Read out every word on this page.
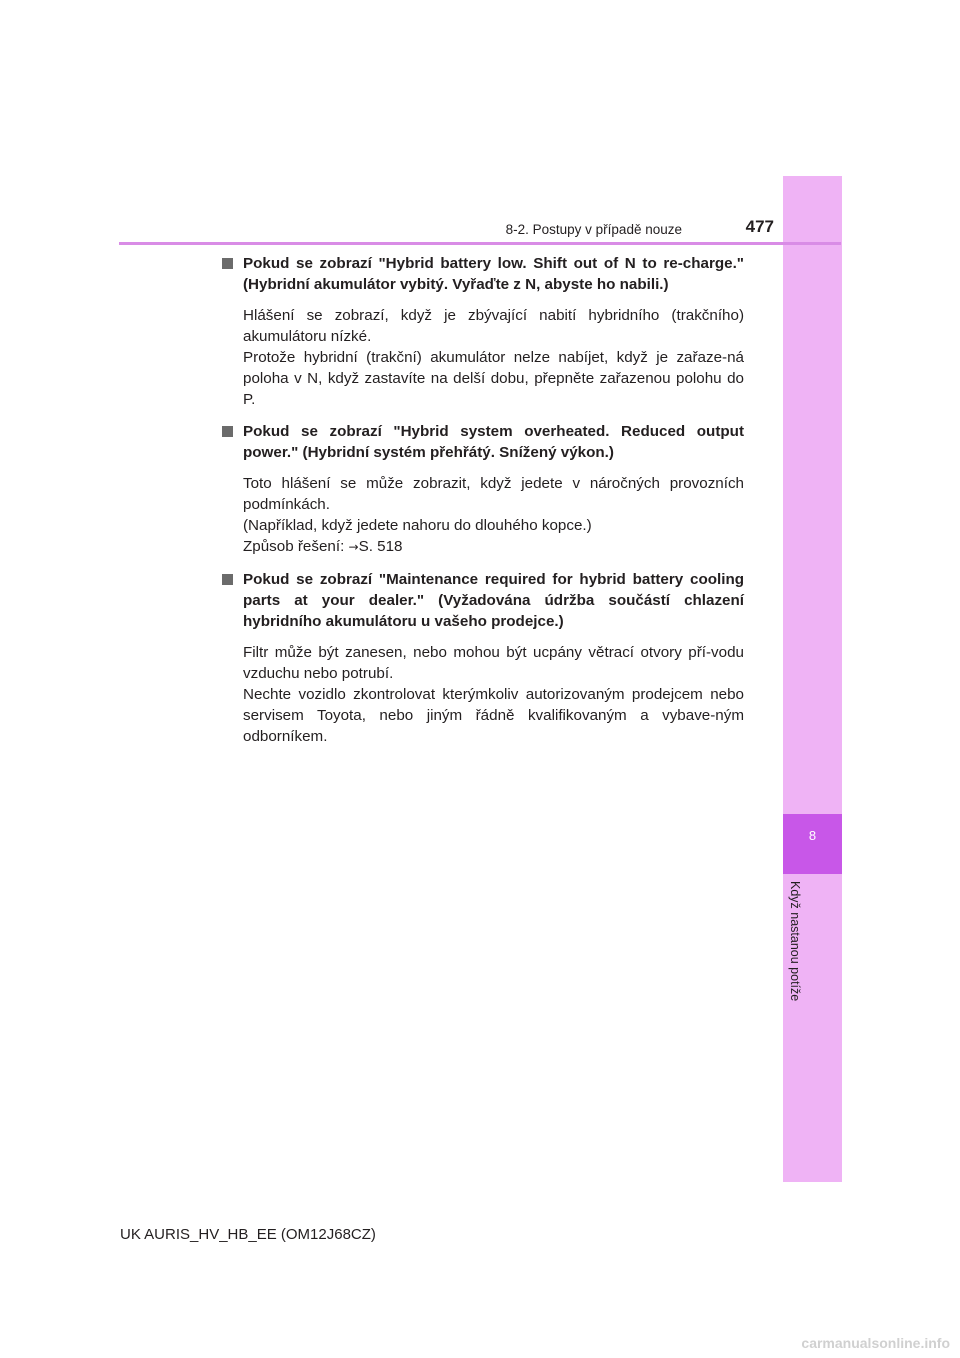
8
Když nastanou potíže
8-2. Postupy v případě nouze	477
Pokud se zobrazí "Hybrid battery low. Shift out of N to re-charge." (Hybridní akumulátor vybitý. Vyřaďte z N, abyste ho nabili.)
Hlášení se zobrazí, když je zbývající nabití hybridního (trakčního) akumulátoru nízké.
Protože hybridní (trakční) akumulátor nelze nabíjet, když je zařaze-ná poloha v N, když zastavíte na delší dobu, přepněte zařazenou polohu do P.
Pokud se zobrazí "Hybrid system overheated. Reduced output power." (Hybridní systém přehřátý. Snížený výkon.)
Toto hlášení se může zobrazit, když jedete v náročných provozních podmínkách.
(Například, když jedete nahoru do dlouhého kopce.)
Způsob řešení: →S. 518
Pokud se zobrazí "Maintenance required for hybrid battery cooling parts at your dealer." (Vyžadována údržba součástí chlazení hybridního akumulátoru u vašeho prodejce.)
Filtr může být zanesen, nebo mohou být ucpány větrací otvory pří-vodu vzduchu nebo potrubí.
Nechte vozidlo zkontrolovat kterýmkoliv autorizovaným prodejcem nebo servisem Toyota, nebo jiným řádně kvalifikovaným a vybave-ným odborníkem.
UK AURIS_HV_HB_EE (OM12J68CZ)
carmanualsonline.info
